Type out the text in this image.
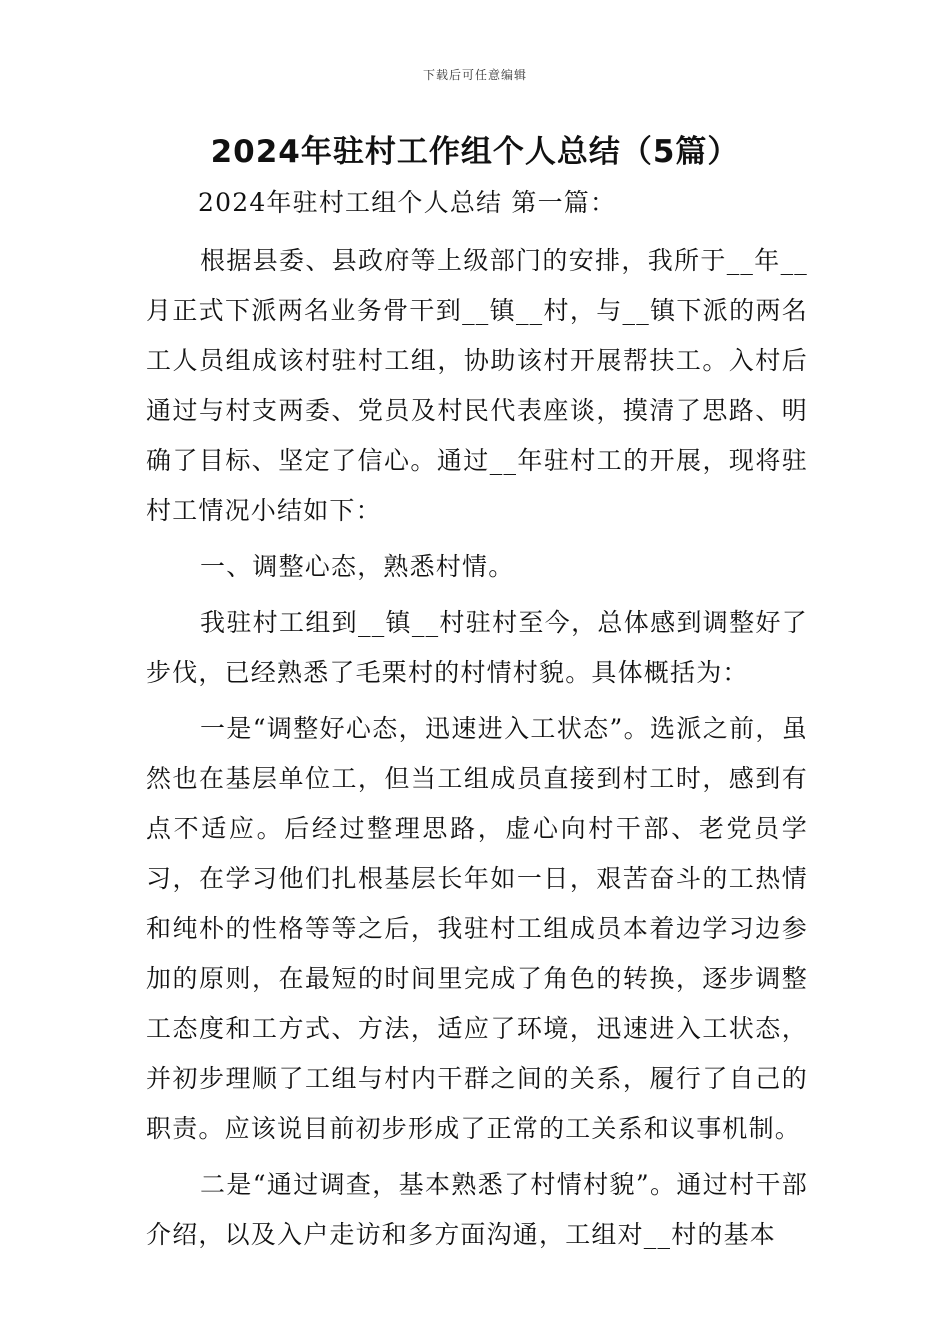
下载后可任意编辑
2024年驻村工作组个人总结（5篇）

2024年驻村工组个人总结 第一篇：

根据县委、县政府等上级部门的安排，我所于__年__月正式下派两名业务骨干到__镇__村，与__镇下派的两名工人员组成该村驻村工组，协助该村开展帮扶工。入村后通过与村支两委、党员及村民代表座谈，摸清了思路、明确了目标、坚定了信心。通过__年驻村工的开展，现将驻村工情况小结如下：

一、调整心态，熟悉村情。

我驻村工组到__镇__村驻村至今，总体感到调整好了步伐，已经熟悉了毛栗村的村情村貌。具体概括为：

一是“调整好心态，迅速进入工状态”。选派之前，虽然也在基层单位工，但当工组成员直接到村工时，感到有点不适应。后经过整理思路，虚心向村干部、老党员学习，在学习他们扎根基层长年如一日，艰苦奋斗的工热情和纯朴的性格等等之后，我驻村工组成员本着边学习边参加的原则，在最短的时间里完成了角色的转换，逐步调整工态度和工方式、方法，适应了环境，迅速进入工状态，并初步理顺了工组与村内干群之间的关系，履行了自己的职责。应该说目前初步形成了正常的工关系和议事机制。

二是“通过调查，基本熟悉了村情村貌”。通过村干部介绍，以及入户走访和多方面沟通，工组对__村的基本
